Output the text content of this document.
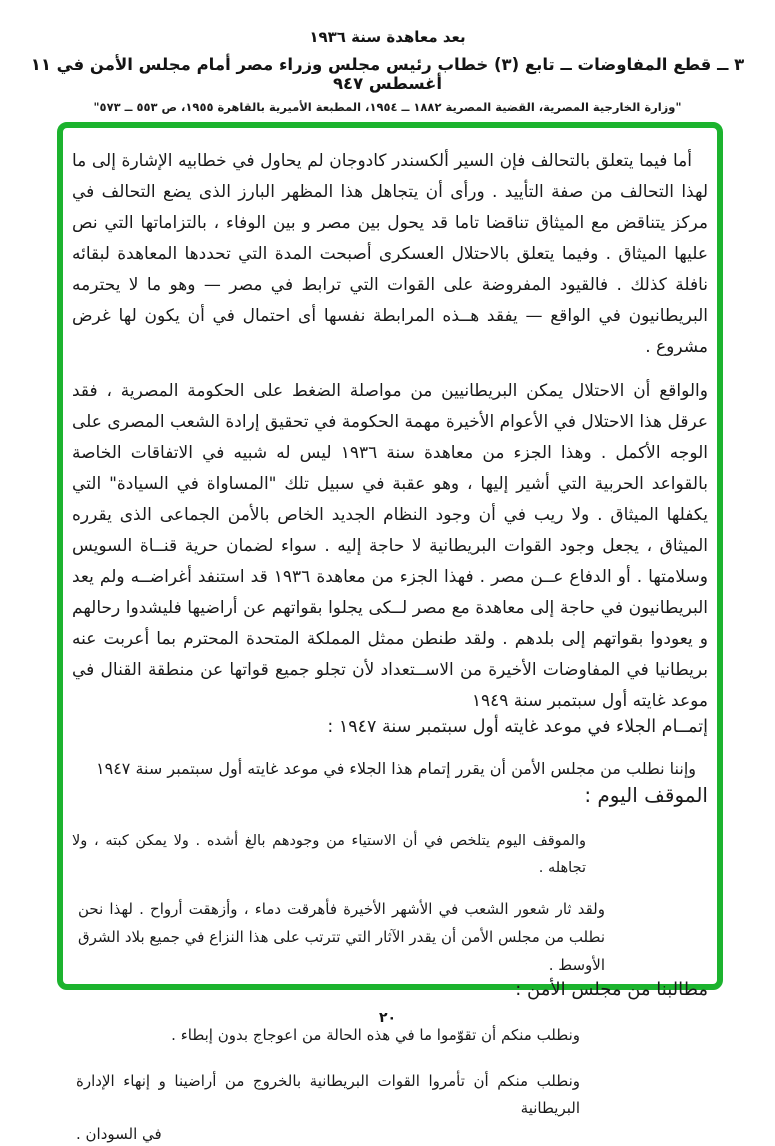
بعد معاهدة سنة ١٩٣٦
٣ ــ قطع المفاوضات ــ تابع (٣) خطاب رئيس مجلس وزراء مصر أمام مجلس الأمن في ١١ أغسطس ٩٤٧
"وزارة الخارجية المصرية، القضية المصرية ١٨٨٢ ــ ١٩٥٤، المطبعة الأميرية بالقاهرة ١٩٥٥، ص ٥٥٣ ــ ٥٧٣"

أما فيما يتعلق بالتحالف فإن السير ألكسندر كادوجان لم يحاول في خطابيه الإشارة إلى ما لهذا التحالف من صفة التأييد . ورأى أن يتجاهل هذا المظهر البارز الذى يضع التحالف في مركز يتناقض مع الميثاق تناقضا تاما قد يحول بين مصر و بين الوفاء ، بالتزاماتها التي نص عليها الميثاق . وفيما يتعلق بالاحتلال العسكرى أصبحت المدة التي تحددها المعاهدة لبقائه نافلة كذلك . فالقيود المفروضة على القوات التي ترابط في مصر — وهو ما لا يحترمه البريطانيون في الواقع — يفقد هــذه المرابطة نفسها أى احتمال في أن يكون لها غرض مشروع .

والواقع أن الاحتلال يمكن البريطانيين من مواصلة الضغط على الحكومة المصرية ، فقد عرقل هذا الاحتلال في الأعوام الأخيرة مهمة الحكومة في تحقيق إرادة الشعب المصرى على الوجه الأكمل . وهذا الجزء من معاهدة سنة ١٩٣٦ ليس له شبيه في الاتفاقات الخاصة بالقواعد الحربية التي أشير إليها ، وهو عقبة في سبيل تلك "المساواة في السيادة" التي يكفلها الميثاق . ولا ريب في أن وجود النظام الجديد الخاص بالأمن الجماعى الذى يقرره الميثاق ، يجعل وجود القوات البريطانية لا حاجة إليه . سواء لضمان حرية قنــاة السويس وسلامتها . أو الدفاع عــن مصر . فهذا الجزء من معاهدة ١٩٣٦ قد استنفد أغراضــه ولم يعد البريطانيون في حاجة إلى معاهدة مع مصر لــكى يجلوا بقواتهم عن أراضيها فليشدوا رحالهم و يعودوا بقواتهم إلى بلدهم . ولقد طنطن ممثل المملكة المتحدة المحترم بما أعربت عنه بريطانيا في المفاوضات الأخيرة من الاســتعداد لأن تجلو جميع قواتها عن منطقة القنال في موعد غايته أول سبتمبر سنة ١٩٤٩

إتمــام الجلاء في موعد غايته أول سبتمبر سنة ١٩٤٧ :

وإننا نطلب من مجلس الأمن أن يقرر إتمام هذا الجلاء في موعد غايته أول سبتمبر سنة ١٩٤٧

الموقف اليوم :

والموقف اليوم يتلخص في أن الاستياء من وجودهم بالغ أشده . ولا يمكن كبته ، ولا تجاهله .

ولقد ثار شعور الشعب في الأشهر الأخيرة فأهرقت دماء ، وأزهقت أرواح . لهذا نحن نطلب من مجلس الأمن أن يقدر الآثار التي تترتب على هذا النزاع في جميع بلاد الشرق الأوسط .

مطالبنا من مجلس الأمن :

ونطلب منكم أن تقوّموا ما في هذه الحالة من اعوجاج بدون إبطاء .

ونطلب منكم أن تأمروا القوات البريطانية بالخروج من أراضينا و إنهاء الإدارة البريطانية

في السودان .
٢٠
